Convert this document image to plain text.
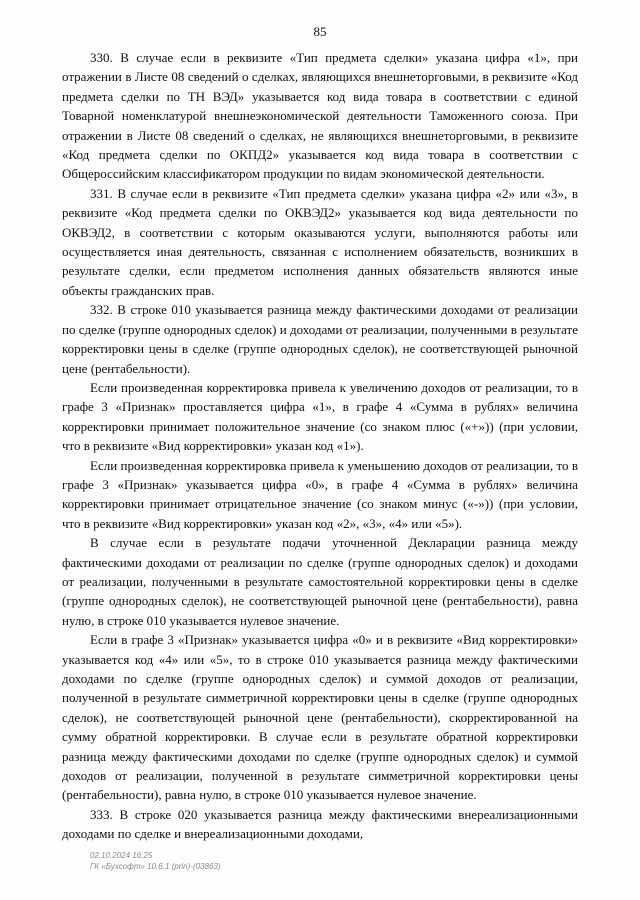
85

330. В случае если в реквизите «Тип предмета сделки» указана цифра «1», при отражении в Листе 08 сведений о сделках, являющихся внешнеторговыми, в реквизите «Код предмета сделки по ТН ВЭД» указывается код вида товара в соответствии с единой Товарной номенклатурой внешнеэкономической деятельности Таможенного союза. При отражении в Листе 08 сведений о сделках, не являющихся внешнеторговыми, в реквизите «Код предмета сделки по ОКПД2» указывается код вида товара в соответствии с Общероссийским классификатором продукции по видам экономической деятельности.

331. В случае если в реквизите «Тип предмета сделки» указана цифра «2» или «3», в реквизите «Код предмета сделки по ОКВЭД2» указывается код вида деятельности по ОКВЭД2, в соответствии с которым оказываются услуги, выполняются работы или осуществляется иная деятельность, связанная с исполнением обязательств, возникших в результате сделки, если предметом исполнения данных обязательств являются иные объекты гражданских прав.

332. В строке 010 указывается разница между фактическими доходами от реализации по сделке (группе однородных сделок) и доходами от реализации, полученными в результате корректировки цены в сделке (группе однородных сделок), не соответствующей рыночной цене (рентабельности).

Если произведенная корректировка привела к увеличению доходов от реализации, то в графе 3 «Признак» проставляется цифра «1», в графе 4 «Сумма в рублях» величина корректировки принимает положительное значение (со знаком плюс («+»)) (при условии, что в реквизите «Вид корректировки» указан код «1»).

Если произведенная корректировка привела к уменьшению доходов от реализации, то в графе 3 «Признак» указывается цифра «0», в графе 4 «Сумма в рублях» величина корректировки принимает отрицательное значение (со знаком минус («-»)) (при условии, что в реквизите «Вид корректировки» указан код «2», «3», «4» или «5»).

В случае если в результате подачи уточненной Декларации разница между фактическими доходами от реализации по сделке (группе однородных сделок) и доходами от реализации, полученными в результате самостоятельной корректировки цены в сделке (группе однородных сделок), не соответствующей рыночной цене (рентабельности), равна нулю, в строке 010 указывается нулевое значение.

Если в графе 3 «Признак» указывается цифра «0» и в реквизите «Вид корректировки» указывается код «4» или «5», то в строке 010 указывается разница между фактическими доходами по сделке (группе однородных сделок) и суммой доходов от реализации, полученной в результате симметричной корректировки цены в сделке (группе однородных сделок), не соответствующей рыночной цене (рентабельности), скорректированной на сумму обратной корректировки. В случае если в результате обратной корректировки разница между фактическими доходами по сделке (группе однородных сделок) и суммой доходов от реализации, полученной в результате симметричной корректировки цены (рентабельности), равна нулю, в строке 010 указывается нулевое значение.

333. В строке 020 указывается разница между фактическими внереализационными доходами по сделке и внереализационными доходами,

02.10.2024 16:25
ГК «Бухсофт» 10.6.1 (prin)-(03863)
